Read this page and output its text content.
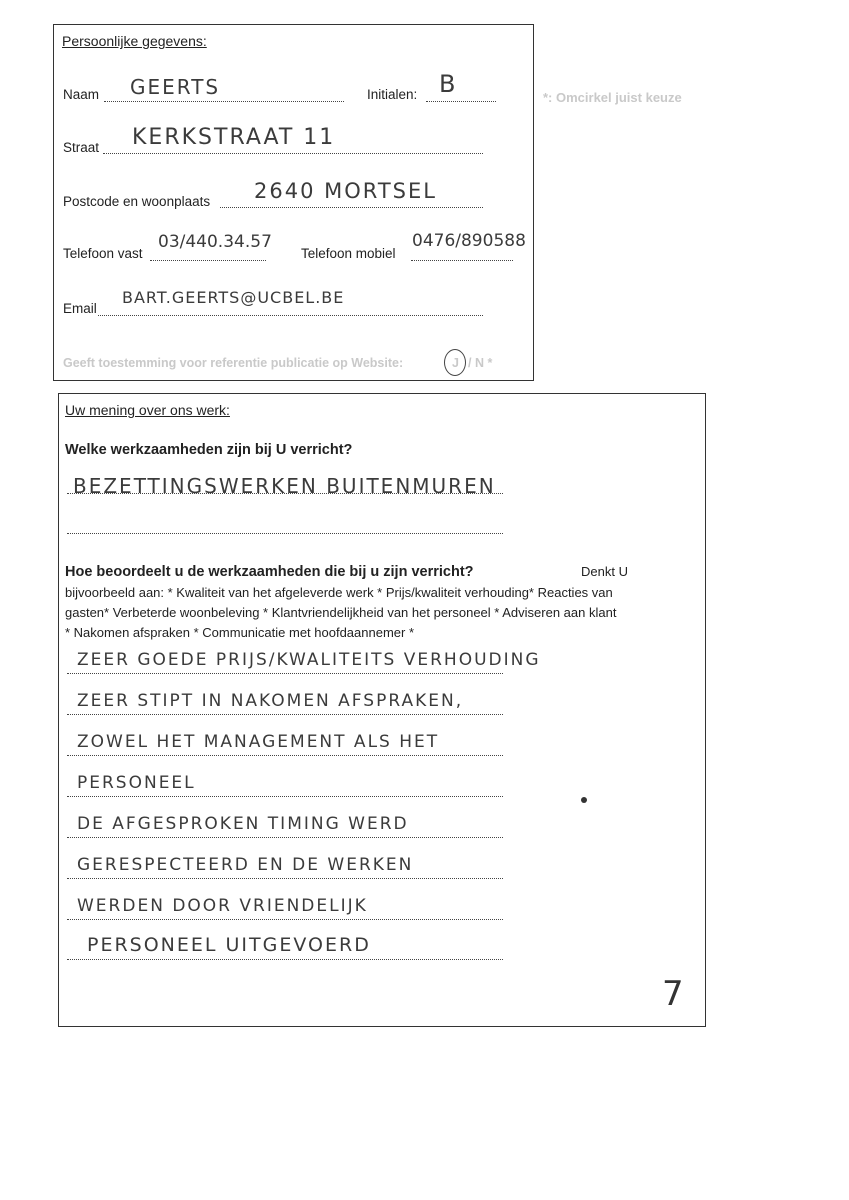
*: Omcirkel juist keuze
Persoonlijke gegevens:
Naam GEERTS	Initialen: B
Straat KERKSTRAAT 11
Postcode en woonplaats 2640 MORTSEL
Telefoon vast
03/440.34.57
Telefoon mobiel
0476/890588
Email
BART.GEERTS@UCBEL.BE
Geeft toestemming voor referentie publicatie op Website:	J / N *
Uw mening over ons werk:
Welke werkzaamheden zijn bij U verricht?
BEZETTINGSWERKEN BUITENMUREN
Hoe beoordeelt u de werkzaamheden die bij u zijn verricht?	Denkt U
bijvoorbeeld aan: * Kwaliteit van het afgeleverde werk * Prijs/kwaliteit verhouding* Reacties van
gasten* Verbeterde woonbeleving * Klantvriendelijkheid van het personeel * Adviseren aan klant
* Nakomen afspraken * Communicatie met hoofdaannemer *
ZEER GOEDE PRIJS/KWALITEITS VERHOUDING
ZEER STIPT IN NAKOMEN AFSPRAKEN,
ZOWEL HET MANAGEMENT ALS HET
PERSONEEL
DE AFGESPROKEN TIMING WERD
GERESPECTEERD EN DE WERKEN
WERDEN DOOR VRIENDELIJK
PERSONEEL UITGEVOERD
7
